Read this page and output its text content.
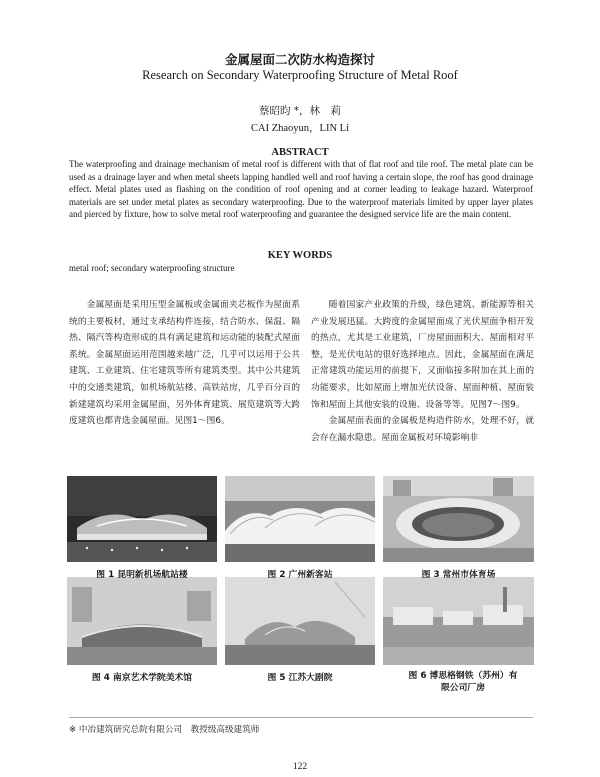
金属屋面二次防水构造探讨
Research on Secondary Waterproofing Structure of Metal Roof
蔡昭昀 *，林　莉
CAI Zhaoyun，LIN Li
ABSTRACT
The waterproofing and drainage mechanism of metal roof is different with that of flat roof and tile roof. The metal plate can be used as a drainage layer and when metal sheets lapping handled well and roof having a certain slope, the roof has good drainage effect. Metal plates used as flashing on the condition of roof opening and at corner leading to leakage hazard. Waterproof materials are set under metal plates as secondary waterproofing. Due to the waterproof materials limited by upper layer plates and pierced by fixture, how to solve metal roof waterproofing and guarantee the designed service life are the main content.
KEY WORDS
metal roof; secondary waterproofing structure

金属屋面是采用压型金属板或金属面夹芯板作为屋面系统的主要板材，通过支承结构件连接，结合防水、保温、隔热、隔汽等构造形成的具有满足建筑和运动能的装配式屋面系统。金属屋面运用范围越来越广泛，几乎可以运用于公共建筑、工业建筑、住宅建筑等所有建筑类型。其中公共建筑中的交通类建筑，如机场航站楼、高铁站房，几乎百分百的新建建筑均采用金属屋面，另外体育建筑、展览建筑等大跨度建筑也都青选金属屋面。见图1～图6。

随着国家产业政策的升级，绿色建筑、新能源等相关产业发展迅猛。大跨度的金属屋面成了光伏屋面争相开发的热点，尤其是工业建筑，厂房屋面面积大、屋面相对平整，是光伏电站的很好选择地点。因此，金属屋面在满足正常建筑功能运用的前提下，又面临接多附加在其上面的功能要求，比如屋面上增加光伏设备、屋面种植、屋面装饰和屋面上其他安装的设施、设备等等。见图7～图9。

金属屋面表面的金属板是构造件防水，处理不好，就会存在漏水隐患。屋面金属板对环境影响非

图 1 昆明新机场航站楼	图 2 广州新客站	图 3 常州市体育场
图 4 南京艺术学院美术馆	图 5 江苏大剧院	图 6 博思格钢铁（苏州）有限公司厂房
※ 中冶建筑研究总院有限公司　教授级高级建筑师
122
